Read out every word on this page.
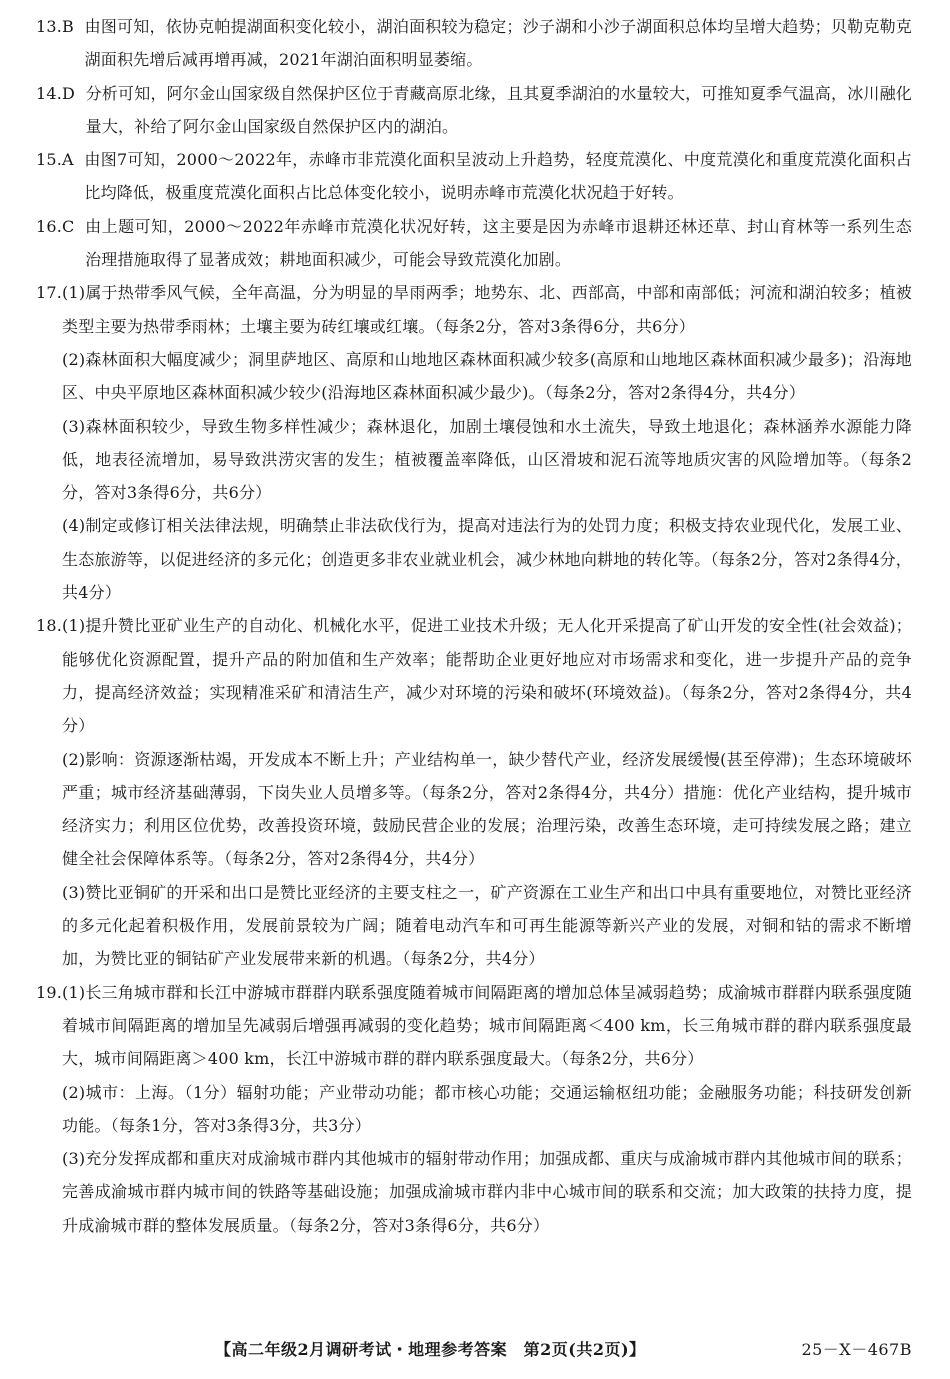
13.B
由图可知，依协克帕提湖面积变化较小，湖泊面积较为稳定；沙子湖和小沙子湖面积总体均呈增大趋势；贝勒克勒克湖面积先增后减再增再减，2021年湖泊面积明显萎缩。

14.D
分析可知，阿尔金山国家级自然保护区位于青藏高原北缘，且其夏季湖泊的水量较大，可推知夏季气温高，冰川融化量大，补给了阿尔金山国家级自然保护区内的湖泊。

15.A
由图7可知，2000～2022年，赤峰市非荒漠化面积呈波动上升趋势，轻度荒漠化、中度荒漠化和重度荒漠化面积占比均降低，极重度荒漠化面积占比总体变化较小，说明赤峰市荒漠化状况趋于好转。

16.C
由上题可知，2000～2022年赤峰市荒漠化状况好转，这主要是因为赤峰市退耕还林还草、封山育林等一系列生态治理措施取得了显著成效；耕地面积减少，可能会导致荒漠化加剧。

17. (1)属于热带季风气候，全年高温，分为明显的旱雨两季；地势东、北、西部高，中部和南部低；河流和湖泊较多；植被类型主要为热带季雨林；土壤主要为砖红壤或红壤。（每条2分，答对3条得6分，共6分）

(2)森林面积大幅度减少；洞里萨地区、高原和山地地区森林面积减少较多(高原和山地地区森林面积减少最多)；沿海地区、中央平原地区森林面积减少较少(沿海地区森林面积减少最少)。（每条2分，答对2条得4分，共4分）

(3)森林面积较少，导致生物多样性减少；森林退化，加剧土壤侵蚀和水土流失，导致土地退化；森林涵养水源能力降低，地表径流增加，易导致洪涝灾害的发生；植被覆盖率降低，山区滑坡和泥石流等地质灾害的风险增加等。（每条2分，答对3条得6分，共6分）

(4)制定或修订相关法律法规，明确禁止非法砍伐行为，提高对违法行为的处罚力度；积极支持农业现代化，发展工业、生态旅游等，以促进经济的多元化；创造更多非农业就业机会，减少林地向耕地的转化等。（每条2分，答对2条得4分，共4分）

18. (1)提升赞比亚矿业生产的自动化、机械化水平，促进工业技术升级；无人化开采提高了矿山开发的安全性(社会效益)；能够优化资源配置，提升产品的附加值和生产效率；能帮助企业更好地应对市场需求和变化，进一步提升产品的竞争力，提高经济效益；实现精准采矿和清洁生产，减少对环境的污染和破坏(环境效益)。（每条2分，答对2条得4分，共4分）

(2)影响：资源逐渐枯竭，开发成本不断上升；产业结构单一，缺少替代产业，经济发展缓慢(甚至停滞)；生态环境破坏严重；城市经济基础薄弱，下岗失业人员增多等。（每条2分，答对2条得4分，共4分）措施：优化产业结构，提升城市经济实力；利用区位优势，改善投资环境，鼓励民营企业的发展；治理污染，改善生态环境，走可持续发展之路；建立健全社会保障体系等。（每条2分，答对2条得4分，共4分）

(3)赞比亚铜矿的开采和出口是赞比亚经济的主要支柱之一，矿产资源在工业生产和出口中具有重要地位，对赞比亚经济的多元化起着积极作用，发展前景较为广阔；随着电动汽车和可再生能源等新兴产业的发展，对铜和钴的需求不断增加，为赞比亚的铜钴矿产业发展带来新的机遇。（每条2分，共4分）

19. (1)长三角城市群和长江中游城市群群内联系强度随着城市间隔距离的增加总体呈减弱趋势；成渝城市群群内联系强度随着城市间隔距离的增加呈先减弱后增强再减弱的变化趋势；城市间隔距离＜400 km，长三角城市群的群内联系强度最大，城市间隔距离＞400 km，长江中游城市群的群内联系强度最大。（每条2分，共6分）

(2)城市：上海。（1分）辐射功能；产业带动功能；都市核心功能；交通运输枢纽功能；金融服务功能；科技研发创新功能。（每条1分，答对3条得3分，共3分）

(3)充分发挥成都和重庆对成渝城市群内其他城市的辐射带动作用；加强成都、重庆与成渝城市群内其他城市间的联系；完善成渝城市群内城市间的铁路等基础设施；加强成渝城市群内非中心城市间的联系和交流；加大政策的扶持力度，提升成渝城市群的整体发展质量。（每条2分，答对3条得6分，共6分）

【高二年级2月调研考试・地理参考答案　第2页(共2页)】	25－X－467B
